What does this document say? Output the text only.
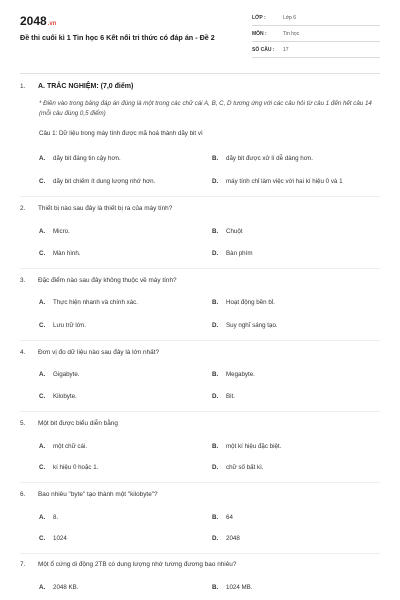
2048.vn
Đề thi cuối kì 1 Tin học 6 Kết nối tri thức có đáp án - Đề 2
LỚP :	Lớp 6
MÔN :	Tin học
SỐ CÂU : 17
1. A. TRẮC NGHIỆM: (7,0 điểm)
* Điền vào trong bảng đáp án đúng là một trong các chữ cái A, B, C, D tương ứng với các câu hỏi từ câu 1 đến hết câu 14 (mỗi câu đúng 0,5 điểm)
Câu 1: Dữ liệu trong máy tính được mã hoá thành dãy bit vì
A. dãy bit đáng tin cậy hơn.	B. dãy bit được xử lí dễ dàng hơn.
C. dãy bit chiếm ít dung lượng nhớ hơn.	D. máy tính chỉ làm việc với hai kí hiệu 0 và 1
2. Thiết bị nào sau đây là thiết bị ra của máy tính?
A. Micro.	B. Chuột
C. Màn hình.	D. Bàn phím
3. Đặc điểm nào sau đây không thuộc về máy tính?
A. Thực hiện nhanh và chính xác.	B. Hoạt động bền bỉ.
C. Lưu trữ lớn.	D. Suy nghĩ sáng tạo.
4. Đơn vị đo dữ liệu nào sau đây là lớn nhất?
A. Gigabyte.	B. Megabyte.
C. Kilobyte.	D. Bit.
5. Một bit được biểu diễn bằng
A. một chữ cái.	B. một kí hiệu đặc biệt.
C. kí hiệu 0 hoặc 1.	D. chữ số bất kì.
6. Bao nhiêu "byte" tạo thành một "kilobyte"?
A. 8.	B. 64
C. 1024	D. 2048
7. Một ổ cứng di động 2TB có dung lượng nhớ tương đương bao nhiêu?
A. 2048 KB.	B. 1024 MB.
